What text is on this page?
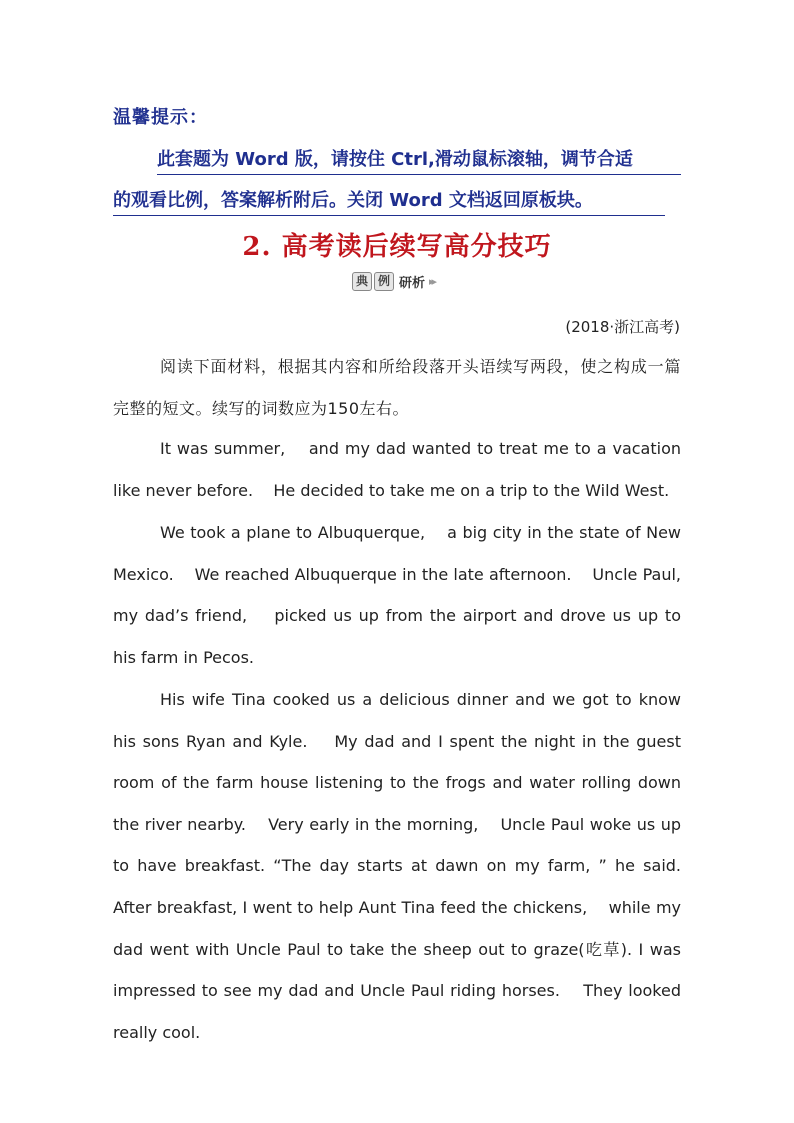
温馨提示：
此套题为 Word 版，请按住 Ctrl,滑动鼠标滚轴，调节合适
的观看比例，答案解析附后。关闭 Word 文档返回原板块。
2. 高考读后续写高分技巧
典 例 研析 ▸▸
(2018·浙江高考)

阅读下面材料，根据其内容和所给段落开头语续写两段，使之构成一篇完整的短文。续写的词数应为150左右。

It was summer,    and my dad wanted to treat me to a vacation like never before.    He decided to take me on a trip to the Wild West.

We took a plane to Albuquerque,    a big city in the state of New Mexico.    We reached Albuquerque in the late afternoon.    Uncle Paul, my dad’s friend,    picked us up from the airport and drove us up to his farm in Pecos.

His wife Tina cooked us a delicious dinner and we got to know his sons Ryan and Kyle.    My dad and I spent the night in the guest room of the farm house listening to the frogs and water rolling down the river nearby.    Very early in the morning,    Uncle Paul woke us up to have breakfast. “The day starts at dawn on my farm, ” he said.    After breakfast, I went to help Aunt Tina feed the chickens,    while my dad went with Uncle Paul to take the sheep out to graze(吃草). I was impressed to see my dad and Uncle Paul riding horses.    They looked really cool.
